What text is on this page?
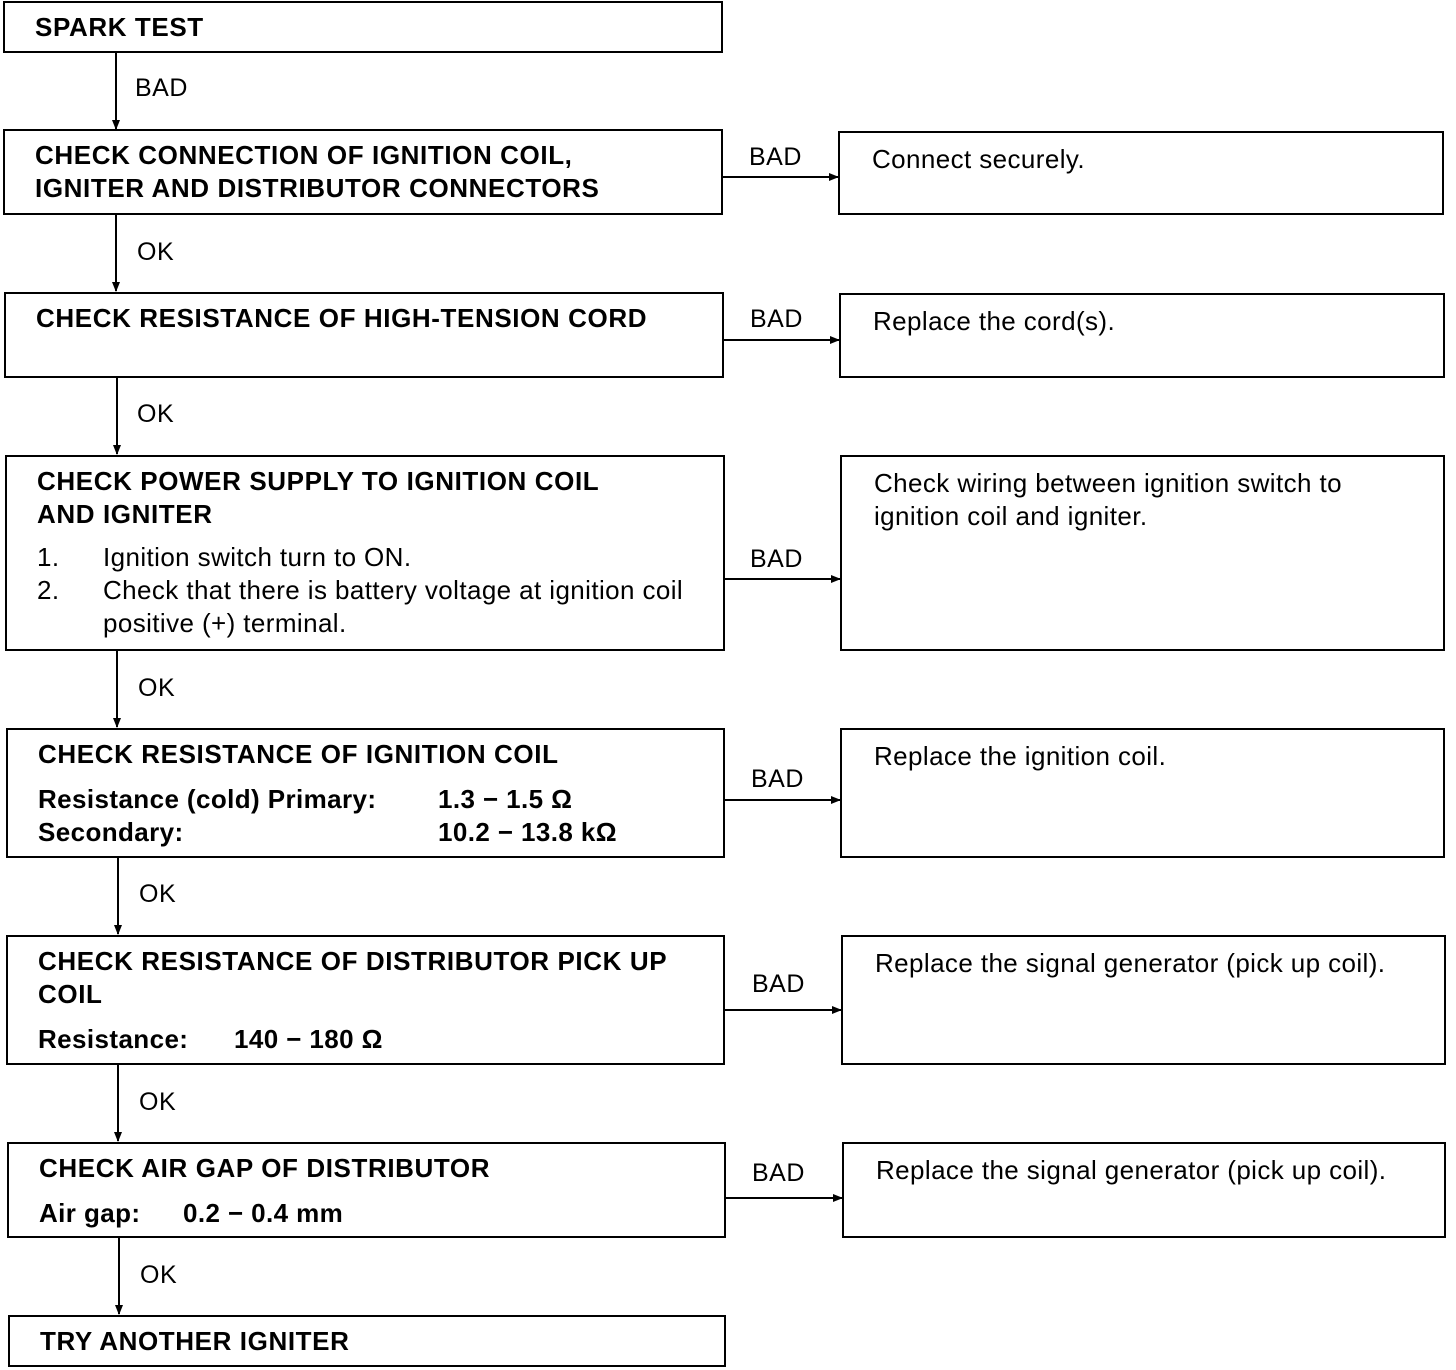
SPARK TEST

BAD

CHECK CONNECTION OF IGNITION COIL,

IGNITER AND DISTRIBUTOR CONNECTORS

BAD	Connect securely.

OK

CHECK RESISTANCE OF HIGH-TENSION CORD	BAD	Replace the cord(s).

OK

CHECK POWER SUPPLY TO IGNITION COIL

AND IGNITER

1.	Ignition switch turn to ON.
2.	Check that there is battery voltage at ignition coil positive (+) terminal.
BAD

Check wiring between ignition switch to ignition coil and igniter.

OK

CHECK RESISTANCE OF IGNITION COIL

Resistance (cold) Primary:	1.3 − 1.5 Ω
Secondary:	10.2 − 13.8 kΩ
BAD

Replace the ignition coil.

OK

CHECK RESISTANCE OF DISTRIBUTOR PICK UP

COIL

Resistance:	140 − 180 Ω
BAD

Replace the signal generator (pick up coil).

OK

CHECK AIR GAP OF DISTRIBUTOR

Air gap:	0.2 − 0.4 mm
BAD	Replace the signal generator (pick up coil).

OK

TRY ANOTHER IGNITER
